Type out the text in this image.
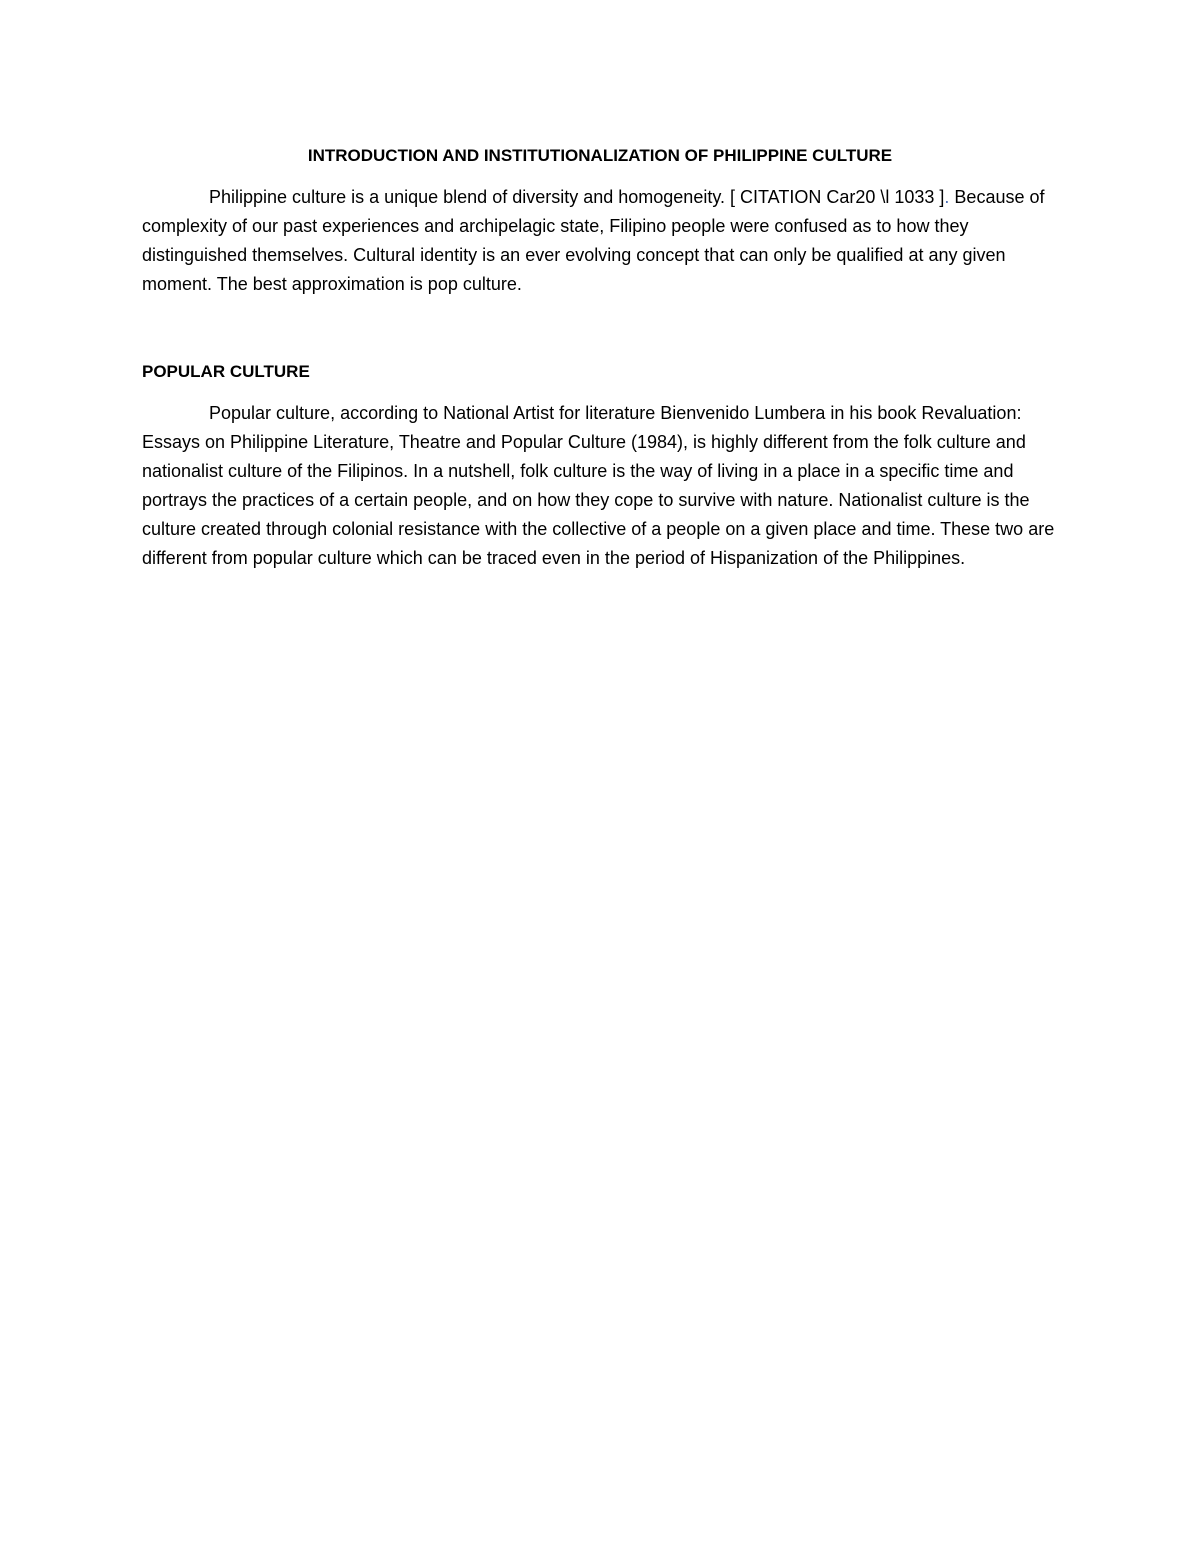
INTRODUCTION AND INSTITUTIONALIZATION OF PHILIPPINE CULTURE

Philippine culture is a unique blend of diversity and homogeneity. [ CITATION Car20 \l 1033 ]. Because of complexity of our past experiences and archipelagic state, Filipino people were confused as to how they distinguished themselves. Cultural identity is an ever evolving concept that can only be qualified at any given moment. The best approximation is pop culture.

POPULAR CULTURE

Popular culture, according to National Artist for literature Bienvenido Lumbera in his book Revaluation: Essays on Philippine Literature, Theatre and Popular Culture (1984), is highly different from the folk culture and nationalist culture of the Filipinos. In a nutshell, folk culture is the way of living in a place in a specific time and portrays the practices of a certain people, and on how they cope to survive with nature. Nationalist culture is the culture created through colonial resistance with the collective of a people on a given place and time. These two are different from popular culture which can be traced even in the period of Hispanization of the Philippines.
